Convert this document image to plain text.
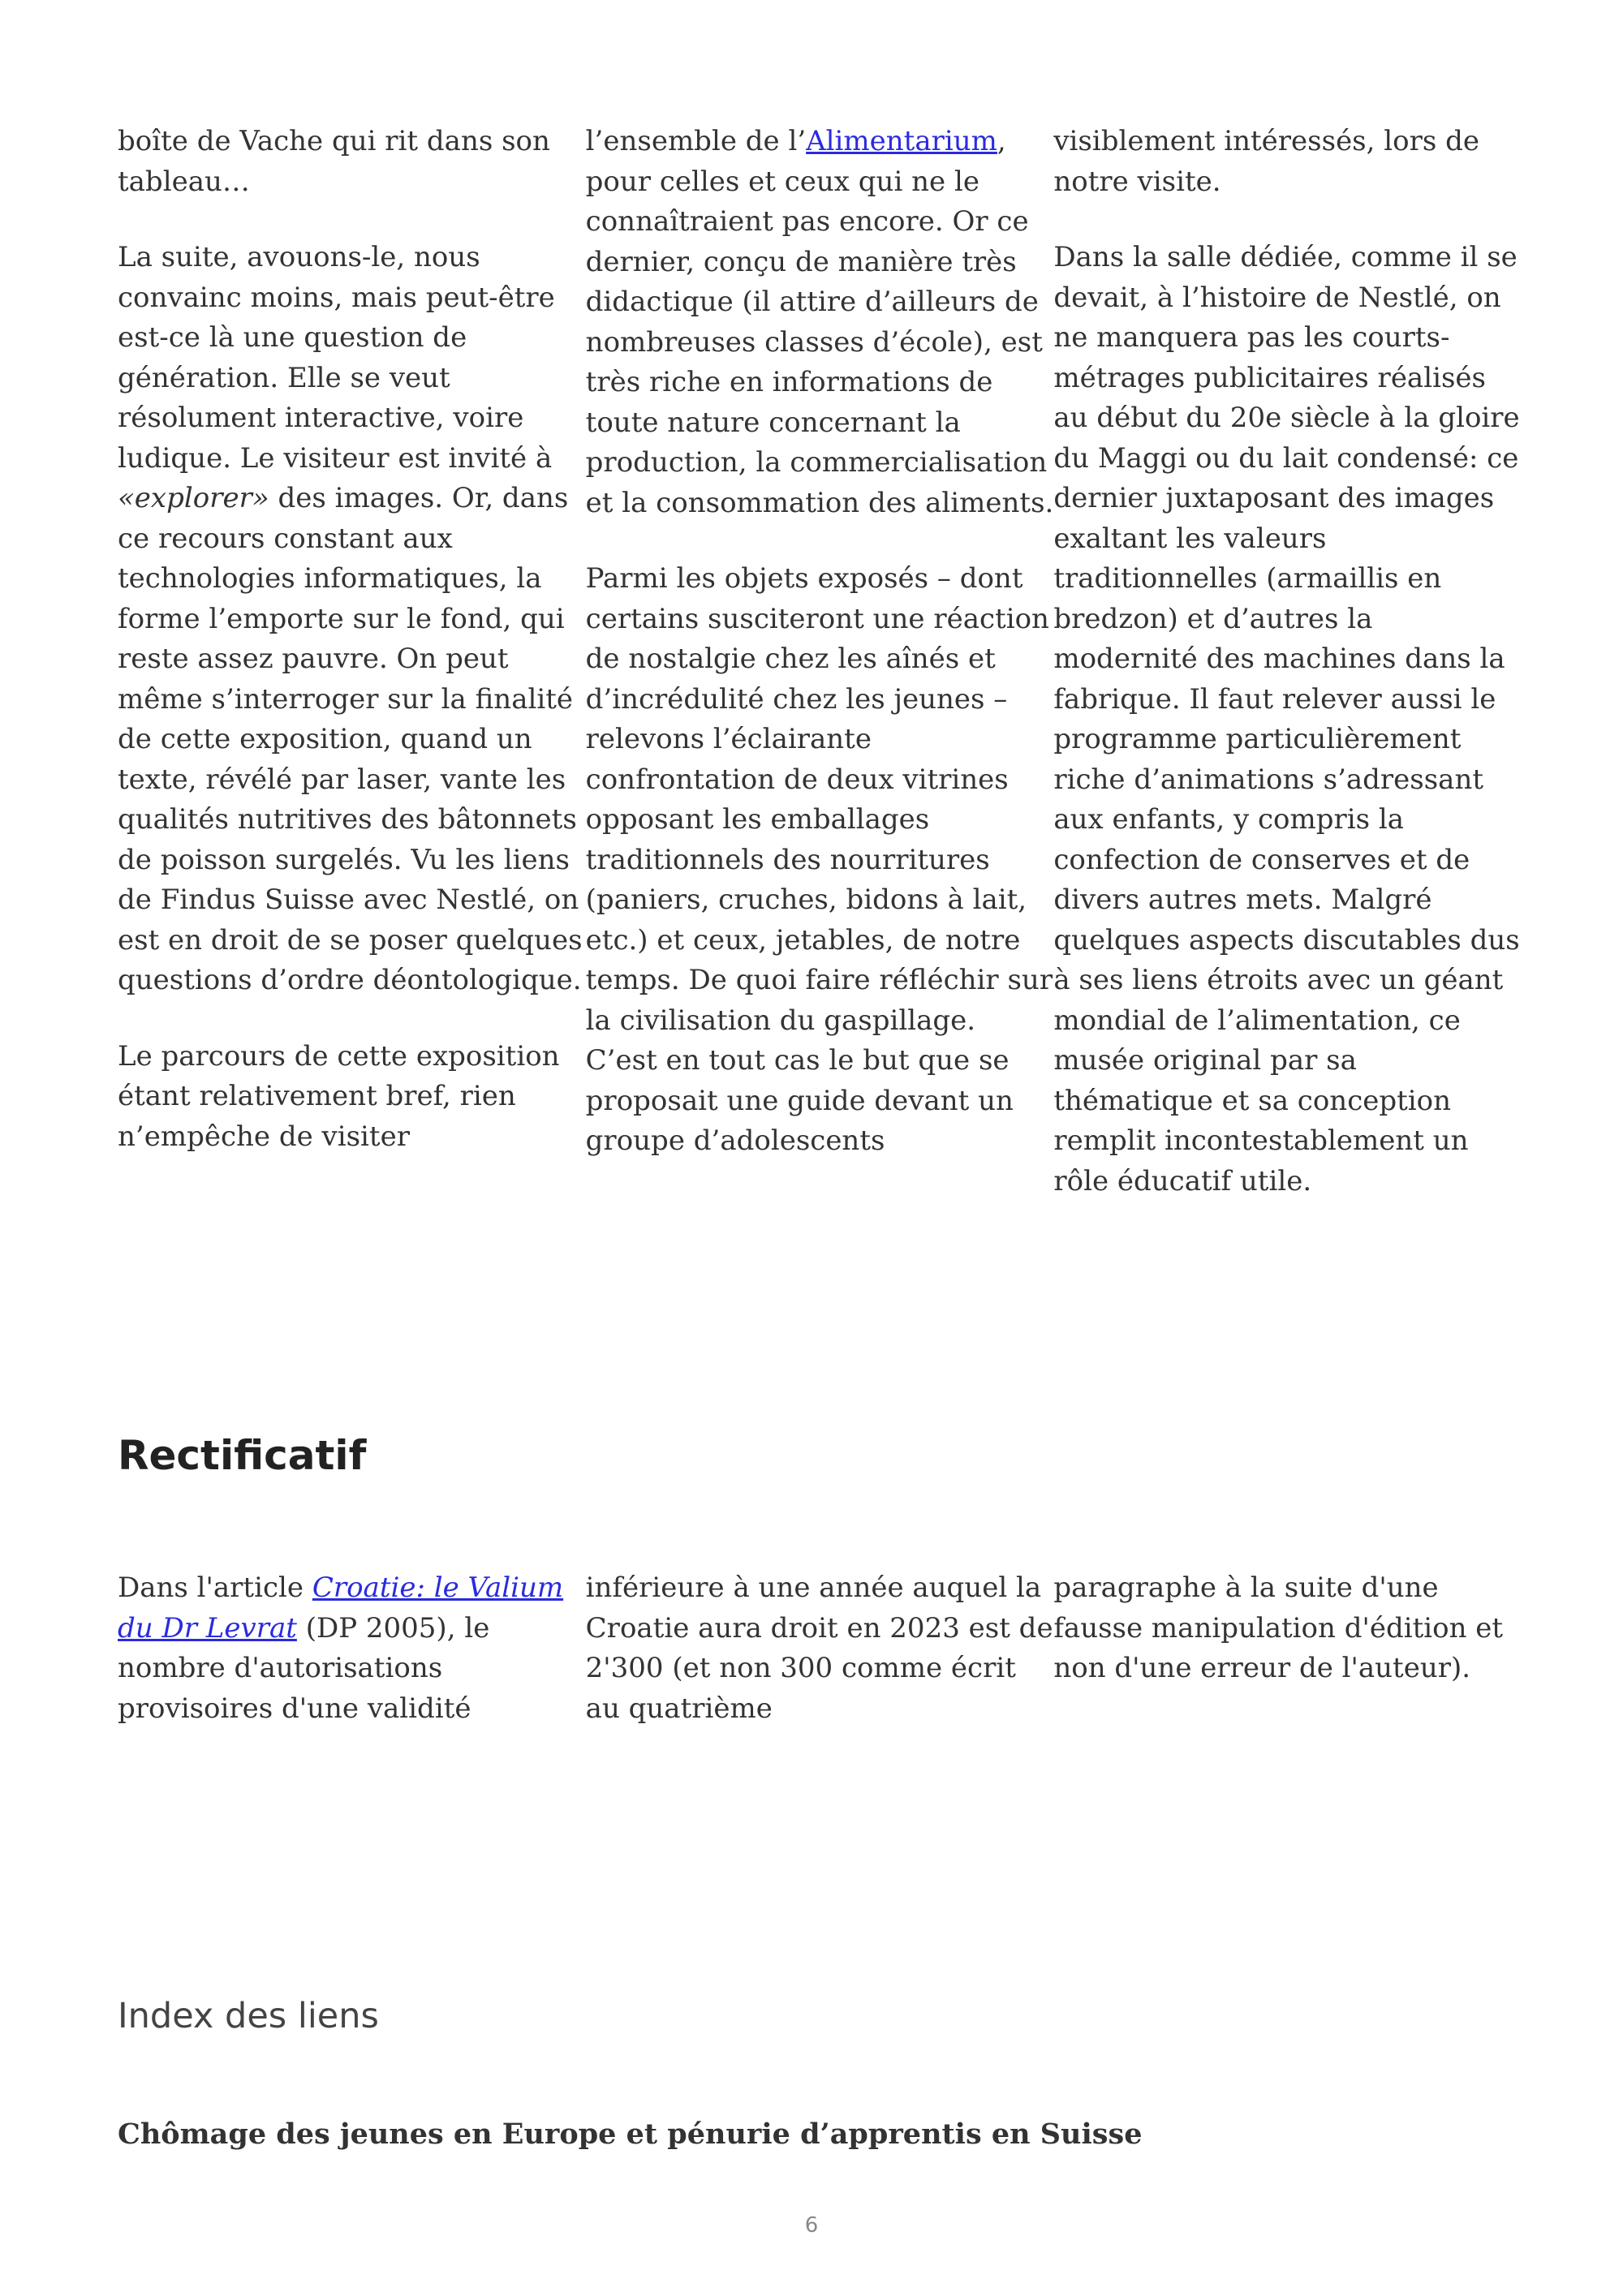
boîte de Vache qui rit dans son tableau…

La suite, avouons-le, nous convainc moins, mais peut-être est-ce là une question de génération. Elle se veut résolument interactive, voire ludique. Le visiteur est invité à «explorer» des images. Or, dans ce recours constant aux technologies informatiques, la forme l’emporte sur le fond, qui reste assez pauvre. On peut même s’interroger sur la finalité de cette exposition, quand un texte, révélé par laser, vante les qualités nutritives des bâtonnets de poisson surgelés. Vu les liens de Findus Suisse avec Nestlé, on est en droit de se poser quelques questions d’ordre déontologique.

Le parcours de cette exposition étant relativement bref, rien n’empêche de visiter

l’ensemble de l’Alimentarium, pour celles et ceux qui ne le connaîtraient pas encore. Or ce dernier, conçu de manière très didactique (il attire d’ailleurs de nombreuses classes d’école), est très riche en informations de toute nature concernant la production, la commercialisation et la consommation des aliments.

Parmi les objets exposés – dont certains susciteront une réaction de nostalgie chez les aînés et d’incrédulité chez les jeunes – relevons l’éclairante confrontation de deux vitrines opposant les emballages traditionnels des nourritures (paniers, cruches, bidons à lait, etc.) et ceux, jetables, de notre temps. De quoi faire réfléchir sur la civilisation du gaspillage. C’est en tout cas le but que se proposait une guide devant un groupe d’adolescents

visiblement intéressés, lors de notre visite.

Dans la salle dédiée, comme il se devait, à l’histoire de Nestlé, on ne manquera pas les courts-métrages publicitaires réalisés au début du 20e siècle à la gloire du Maggi ou du lait condensé: ce dernier juxtaposant des images exaltant les valeurs traditionnelles (armaillis en bredzon) et d’autres la modernité des machines dans la fabrique. Il faut relever aussi le programme particulièrement riche d’animations s’adressant aux enfants, y compris la confection de conserves et de divers autres mets. Malgré quelques aspects discutables dus à ses liens étroits avec un géant mondial de l’alimentation, ce musée original par sa thématique et sa conception remplit incontestablement un rôle éducatif utile.

Rectificatif

Dans l'article Croatie: le Valium du Dr Levrat (DP 2005), le nombre d'autorisations provisoires d'une validité

inférieure à une année auquel la Croatie aura droit en 2023 est de 2'300 (et non 300 comme écrit au quatrième

paragraphe à la suite d'une fausse manipulation d'édition et non d'une erreur de l'auteur).

Index des liens

Chômage des jeunes en Europe et pénurie d’apprentis en Suisse

6
